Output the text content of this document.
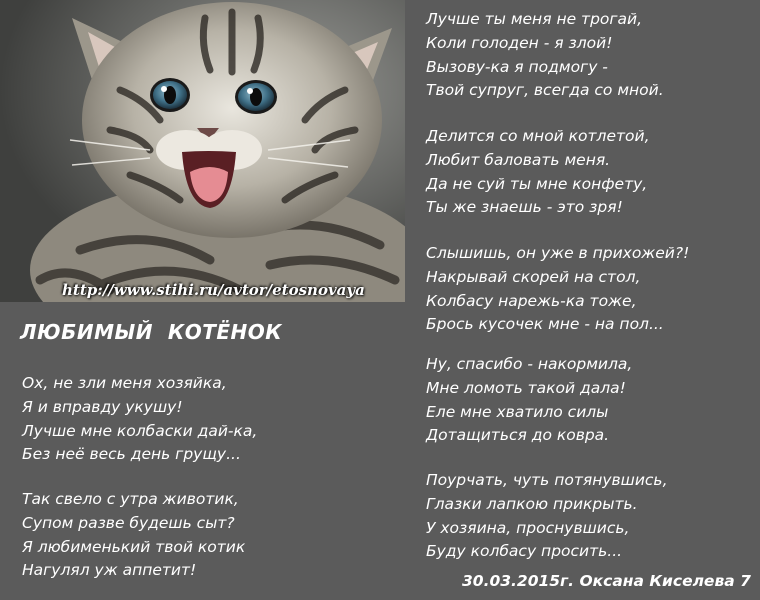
http://www.stihi.ru/avtor/etosnovaya
ЛЮБИМЫЙ  КОТЁНОК
Ох, не зли меня хозяйка,
Я и вправду укушу!
Лучше мне колбаски дай-ка,
Без неё весь день грущу...
Так свело с утра животик,
Супом разве будешь сыт?
Я любименький твой котик
Нагулял уж аппетит!
Лучше ты меня не трогай,
Коли голоден - я злой!
Вызову-ка я подмогу -
Твой супруг, всегда со мной.
Делится со мной котлетой,
Любит баловать меня.
Да не суй ты мне конфету,
Ты же знаешь - это зря!
Слышишь, он уже в прихожей?!
Накрывай скорей на стол,
Колбасу нарежь-ка тоже,
Брось кусочек мне - на пол...
Ну, спасибо - накормила,
Мне ломоть такой дала!
Еле мне хватило силы
Дотащиться до ковра.
Поурчать, чуть потянувшись,
Глазки лапкою прикрыть.
У хозяина, проснувшись,
Буду колбасу просить...
30.03.2015г. Оксана Киселева 7
